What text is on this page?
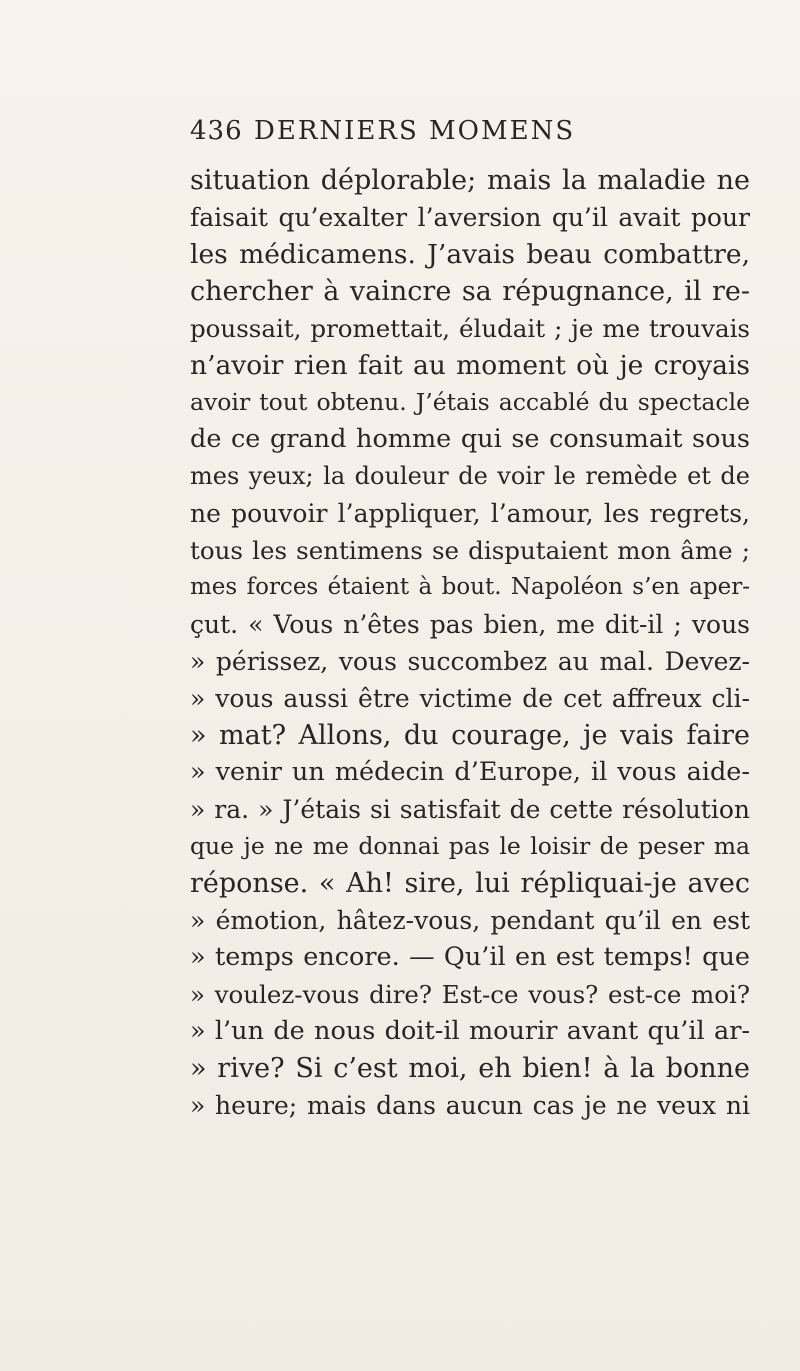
436 DERNIERS MOMENS
situation déplorable; mais la maladie ne
faisait qu’exalter l’aversion qu’il avait pour
les médicamens. J’avais beau combattre,
chercher à vaincre sa répugnance, il re-
poussait, promettait, éludait ; je me trouvais
n’avoir rien fait au moment où je croyais
avoir tout obtenu. J’étais accablé du spectacle
de ce grand homme qui se consumait sous
mes yeux; la douleur de voir le remède et de
ne pouvoir l’appliquer, l’amour, les regrets,
tous les sentimens se disputaient mon âme ;
mes forces étaient à bout. Napoléon s’en aper-
çut. « Vous n’êtes pas bien, me dit-il ; vous
» périssez, vous succombez au mal. Devez-
» vous aussi être victime de cet affreux cli-
» mat? Allons, du courage, je vais faire
» venir un médecin d’Europe, il vous aide-
» ra. » J’étais si satisfait de cette résolution
que je ne me donnai pas le loisir de peser ma
réponse. « Ah! sire, lui répliquai-je avec
» émotion, hâtez-vous, pendant qu’il en est
» temps encore. — Qu’il en est temps! que
» voulez-vous dire? Est-ce vous? est-ce moi?
» l’un de nous doit-il mourir avant qu’il ar-
» rive? Si c’est moi, eh bien! à la bonne
» heure; mais dans aucun cas je ne veux ni
